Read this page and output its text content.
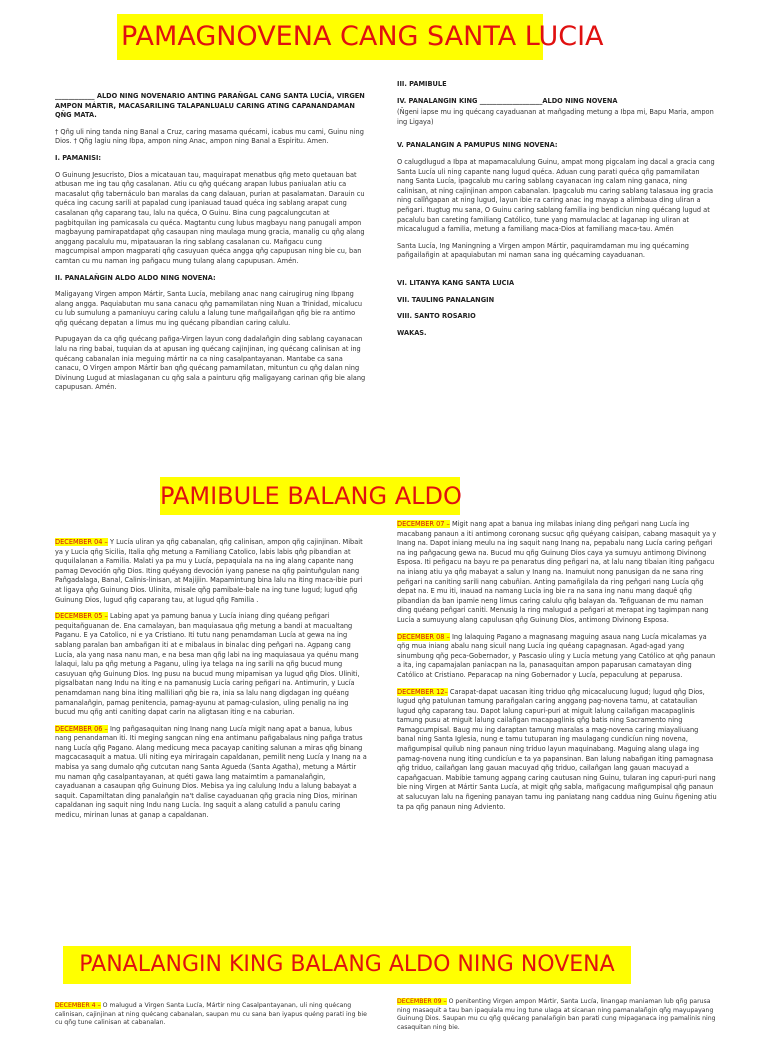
PAMAGNOVENA CANG SANTA LUCIA

____________ ALDO NING NOVENARIO ANTING PARAÑGAL CANG SANTA LUCÍA, VIRGEN AMPON MÁRTIR, MACASARILING TALAPANLUALU CARING ATING CAPANANDAMAN QÑG MATA.

† Qñg uli ning tanda ning Banal a Cruz, caring masama quécami, icabus mu cami, Guinu ning Dios. † Qñg lagiu ning Ibpa, ampon ning Anac, ampon ning Banal a Espiritu. Amen.

I. PAMANISI:

O Guinung Jesucristo, Dios a micatauan tau, maquirapat menatbus qñg meto quetauan bat atbusan me ing tau qñg casalanan. Atiu cu qñg quécang arapan lubus paniualan atiu ca macasalut qñg tabernáculo ban maralas da cang dalauan, purian at pasalamatan. Darauin cu quéca ing cacung sarili at papalad cung ipaniauad tauad quéca ing sablang arapat cung casalanan qñg caparang tau, lalu na quéca, O Guinu. Bina cung pagcalungcutan at pagbitquilan ing pamicasala cu quéca. Magtantu cung lubus magbayu nang panugali ampon magbayung pamirapatdapat qñg casaupan ning maulaga mung gracia, manalig cu qñg alang anggang pacalulu mu, mipatauaran la ring sablang casalanan cu. Mañgacu cung magcumpisal ampon magparati qñg casuyuan quéca angga qñg capupusan ning bie cu, ban camtan cu mu naman ing pañgacu mung tulang alang capupusan. Amén.

II. PANALAÑGIN ALDO ALDO NING NOVENA:

Maligayang Virgen ampon Mártir, Santa Lucía, mebilang anac nang cairugirug ning Ibpang alang angga. Paquiabutan mu sana canacu qñg pamamilatan ning Nuan a Trinidad, micalucu cu lub sumulung a pamaniuyu caring calulu a lalung tune mañgailañgan qñg bie ra antimo qñg quécang depatan a limus mu ing quécang pibandian caring calulu.

Pupugayan da ca qñg quécang pañga-Virgen layun cong dadalañgin ding sablang cayanacan lalu na ring babai, tuquian da at apusan ing quécang cajinjinan, ing quécang calinisan at ing quécang cabanalan inia meguing mártir na ca ning casalpantayanan. Mantabe ca sana canacu, O Virgen ampon Mártir ban qñg quécang pamamilatan, mituntun cu qñg dalan ning Divinung Lugud at miaslaganan cu qñg sala a painturu qñg maligayang carinan qñg bie alang capupusan. Amén.

III. PAMIBULE

IV. PANALANGIN KING ___________________ALDO NING NOVENA

(Ñgeni iapse mu ing quécang cayaduanan at mañgading metung a Ibpa mi, Bapu Maria, ampon ing Ligaya)

V. PANALANGIN A PAMUPUS NING NOVENA:

O calugdlugud a Ibpa at mapamacalulung Guinu, ampat mong pigcalam ing dacal a gracia cang Santa Lucía uli ning capante nang lugud quéca. Aduan cung parati quéca qñg pamamilatan nang Santa Lucía, ipagcalub mu caring sablang cayanacan ing calam ning ganaca, ning calinisan, at ning cajinjinan ampon cabanalan. Ipagcalub mu caring sablang talasaua ing gracia ning calîñgapan at ning lugud, layun ibie ra caring anac ing mayap a alimbaua ding uliran a peñgari. Itugtug mu sana, O Guinu caring sablang familia ing bendicíun ning quécang lugud at pacalulu ban careting familiang Católico, tune yang mamulaclac at laganap ing uliran at micacalugud a familia, metung a familiang maca-Dios at familiang maca-tau. Amén

Santa Lucía, Ing Maningning a Virgen ampon Mártir, paquiramdaman mu ing quécaming pañgailañgin at apaquiabutan mi naman sana ing quécaming cayaduanan.

VI. LITANYA KANG SANTA LUCIA

VII. TAULING PANALANGIN

VIII. SANTO ROSARIO

WAKAS.

PAMIBULE BALANG ALDO

DECEMBER 04 – Y Lucía uliran ya qñg cabanalan, qñg calinisan, ampon qñg cajinjinan. Mibait ya y Lucía qñg Sicilia, Italia qñg metung a Familiang Catolico, labis labis qñg pibandian at ququilalanan a Familia. Malati ya pa mu y Lucía, pepaquiala na na ing alang capante nang pamag Devoción qñg Dios. Iting quéyang devoción iyang panese na qñg paintuñgulan nang Pañgadalaga, Banal, Calinis-linisan, at Majijiin. Mapamintung bina lalu na iting maca-ibie puri at ligaya qñg Guinung Dios. Ulinita, misale qñg pamibale-bale na ing tune lugud; lugud qñg Guinung Dios, lugud qñg caparang tau, at lugud qñg Familia .

DECEMBER 05 – Labing apat ya pamung banua y Lucía iniang ding quéang peñgari pequitañguanan de. Ena camalayan, ban maquiasaua qñg metung a bandi at macualtang Paganu. E ya Catolico, ni e ya Cristiano. Iti tutu nang penamdaman Lucía at gewa na ing sablang paralan ban ambañgan iti at e mibalaus in binalac ding peñgari na. Agpang cang Lucía, ala yang nasa nanu man, e na besa man qñg labi na ing maquiasaua ya quénu mang lalaqui, lalu pa qñg metung a Paganu, uling iya telaga na ing sarili na qñg bucud mung casuyuan qñg Guinung Dios. Ing pusu na bucud mung mipamisan ya lugud qñg Dios. Uliniti, pigsalbatan nang Indu na iting e na pamanusig Lucía caring peñgari na. Antimurin, y Lucía penamdaman nang bina iting malliliari qñg bie ra, inia sa lalu nang digdagan ing quéang pamanalañgin, pamag penitencia, pamag-ayunu at pamag-culasion, uling penalig na ing bucud mu qñg anti caniting dapat carin na aligtasan iting e na caburian.

DECEMBER 06 – Ing pañgasaquitan ning Inang nang Lucía migit nang apat a banua, lubus nang penandaman iti. Iti meging sangcan ning ena antimanu pañgabalaus ning pañga tratus nang Lucía qñg Pagano. Alang medicung meca pacayap caniting salunan a miras qñg binang magcacasaquit a matua. Uli niting eya miriragain capaldanan, pemilit neng Lucía y Inang na a mabisa ya sang dumalo qñg cutcutan nang Santa Agueda (Santa Agatha), metung a Mártir mu naman qñg casalpantayanan, at quéti gawa lang mataimtim a pamanalañgin, cayaduanan a casaupan qñg Guinung Dios. Mebisa ya ing calulung Indu a lalung babayat a saquit. Capamiltatan ding panalañgin na't dalise cayaduanan qñg gracia ning Dios, mirinan capaldanan ing saquit ning Indu nang Lucía. Ing saquit a alang catulid a panulu caring medicu, mirinan lunas at ganap a capaldanan.

DECEMBER 07 – Migit nang apat a banua ing milabas iniang ding peñgari nang Lucía ing macabang panaun a iti antimong coronang sucsuc qñg quéyang caisipan, cabang masaquit ya y Inang na. Dapot iniang meulu na ing saquit nang Inang na, pepabalu nang Lucía caring peñgari na ing pañgacung gewa na. Bucud mu qñg Guinung Dios caya ya sumuyu antimong Divinong Esposa. Iti peñgacu na bayu re pa penaratus ding peñgari na, at lalu nang tibaian iting pañgacu na iniang atiu ya qñg mabayat a salun y Inang na. Inamuiut nong panusigan da ne sana ring peñgari na caniting sarili nang cabuñian. Anting pamañgilala da ring peñgari nang Lucía qñg depat na. E mu iti, inauad na namang Lucía ing bie ra na sana ing nanu mang daquê qñg pibandian da ban ipamie neng limus caring calulu qñg balayan da. Teñguanan de mu naman ding quéang peñgari caniti. Menusig la ring malugud a peñgari at merapat ing tagimpan nang Lucía a sumuyung alang capulusan qñg Guinung Dios, antimong Divinong Esposa.

DECEMBER 08 – Ing lalaquing Pagano a magnasang maguing asaua nang Lucía micalamas ya qñg mua iniang abalu nang sicuil nang Lucía ing quéang capagnasan. Agad-agad yang sinumbung qñg peca-Gobernador, y Pascasio uling y Lucía metung yang Católico at qñg panaun a ita, ing capamajalan paniacpan na la, panasaquitan ampon paparusan camatayan ding Católico at Cristiano. Peparacap na ning Gobernador y Lucía, pepaculung at peparusa.

DECEMBER 12– Carapat-dapat uacasan iting triduo qñg micacalucung lugud; lugud qñg Dios, lugud qñg patulunan tamung parañgalan caring anggang pag-novena tamu, at catataulian lugud qñg caparang tau. Dapot lalung capuri-puri at miguit lalung cailañgan macapaglinis tamung pusu at miguit lalung cailañgan macapaglinis qñg batis ning Sacramento ning Pamagcumpisal. Baug mu ing daraptan tamung maralas a mag-novena caring miayaliuang banal ning Santa Iglesia, nung e tamu tutuparan ing maulagang cundicíun ning novena, mañgumpisal quilub ning panaun ning triduo layun maquinabang. Maguing alang ulaga ing pamag-novena nung iting cundicíun e ta ya papansinan. Ban lalung nabañgan iting pamagnasa qñg triduo, cailañgan lang gauan macuyad qñg triduo, cailañgan lang gauan macuyad a capañgacuan. Mabibie tamung agpang caring cautusan ning Guinu, tularan ing capuri-puri nang bie ning Virgen at Mártir Santa Lucía, at migit qñg sabla, mañgacung mañgumpisal qñg panaun at salucuyan lalu na ñgening panayan tamu ing paniatang nang caddua ning Guinu ñgening atiu ta pa qñg panaun ning Adviento.

PANALANGIN KING BALANG ALDO NING NOVENA

DECEMBER 4 – O malugud a Virgen Santa Lucía, Mártir ning Casalpantayanan, uli ning quécang calinisan, cajinjinan at ning quécang cabanalan, saupan mu cu sana ban iyapus quéng parati ing bie cu qñg tune calinisan at cabanalan.

DECEMBER 09 – O penitenting Virgen ampon Mártir, Santa Lucía, linangap maniaman lub qñg parusa ning masaquit a tau ban ipaquiala mu ing tune ulaga at sicanan ning pamanalañgin qñg mayupayang Guinung Dios. Saupan mu cu qñg quécang panalañgin ban parati cung mipaganaca ing pamalinis ning casaquitan ning bie.
